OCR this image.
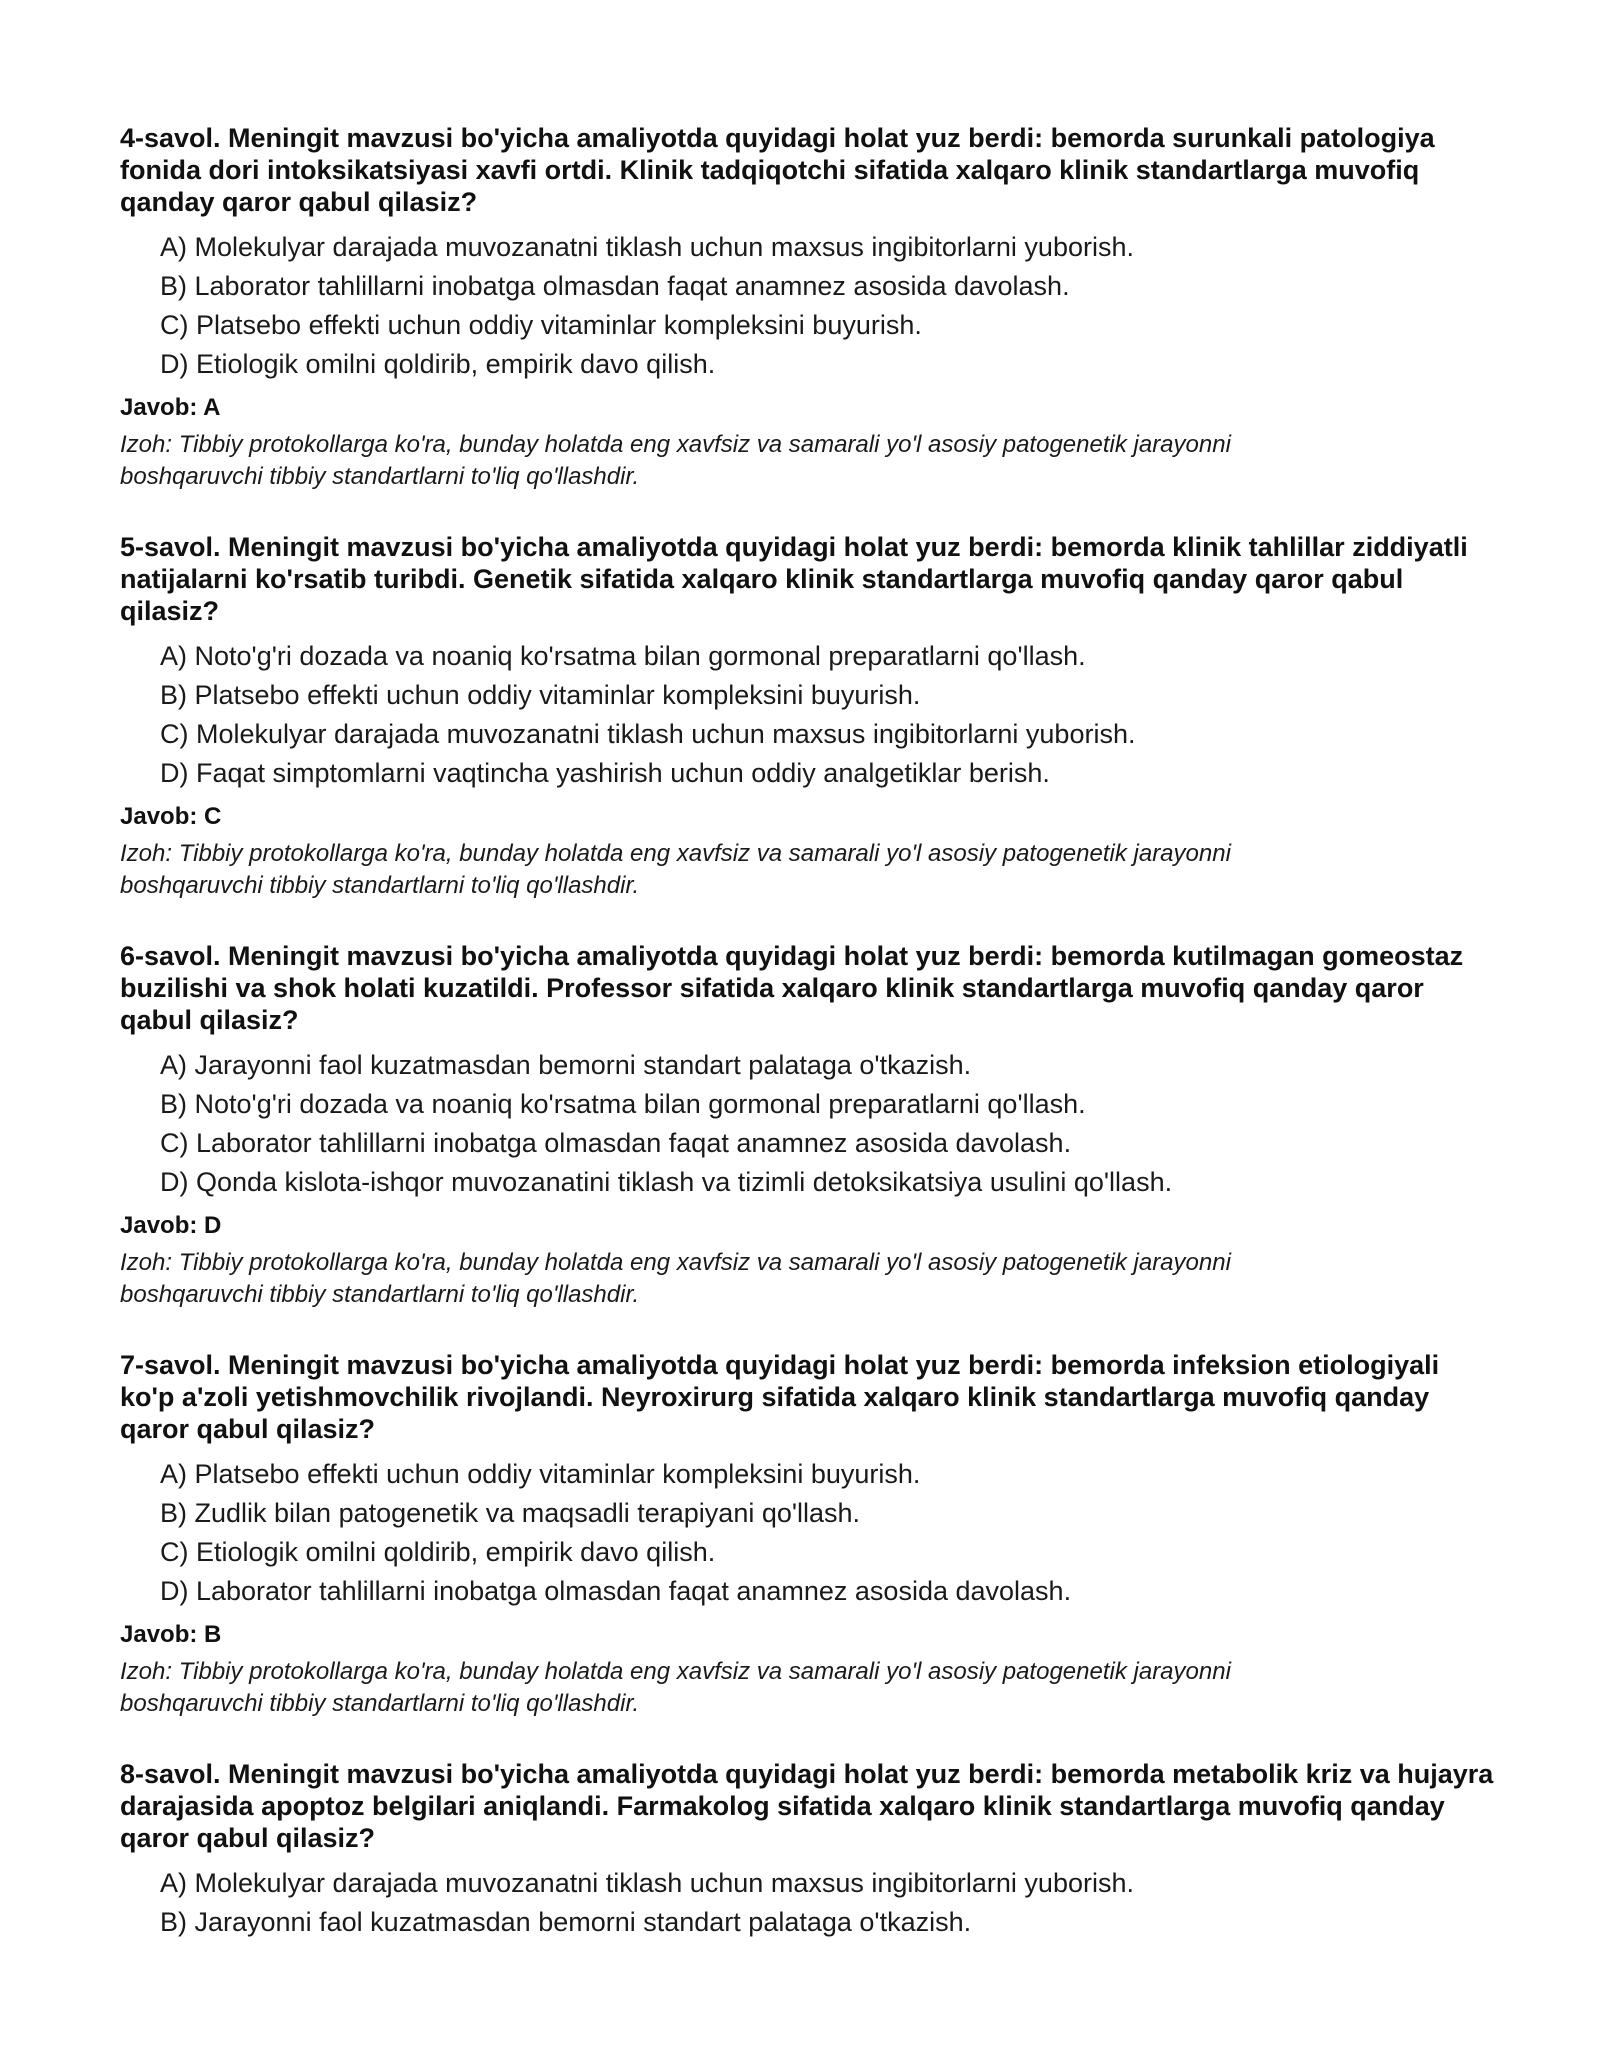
4-savol. Meningit mavzusi bo'yicha amaliyotda quyidagi holat yuz berdi: bemorda surunkali patologiya fonida dori intoksikatsiyasi xavfi ortdi. Klinik tadqiqotchi sifatida xalqaro klinik standartlarga muvofiq qanday qaror qabul qilasiz?

A) Molekulyar darajada muvozanatni tiklash uchun maxsus ingibitorlarni yuborish.
B) Laborator tahlillarni inobatga olmasdan faqat anamnez asosida davolash.
C) Platsebo effekti uchun oddiy vitaminlar kompleksini buyurish.
D) Etiologik omilni qoldirib, empirik davo qilish.
Javob: A
Izoh: Tibbiy protokollarga ko'ra, bunday holatda eng xavfsiz va samarali yo'l asosiy patogenetik jarayonni boshqaruvchi tibbiy standartlarni to'liq qo'llashdir.

5-savol. Meningit mavzusi bo'yicha amaliyotda quyidagi holat yuz berdi: bemorda klinik tahlillar ziddiyatli natijalarni ko'rsatib turibdi. Genetik sifatida xalqaro klinik standartlarga muvofiq qanday qaror qabul qilasiz?

A) Noto'g'ri dozada va noaniq ko'rsatma bilan gormonal preparatlarni qo'llash.
B) Platsebo effekti uchun oddiy vitaminlar kompleksini buyurish.
C) Molekulyar darajada muvozanatni tiklash uchun maxsus ingibitorlarni yuborish.
D) Faqat simptomlarni vaqtincha yashirish uchun oddiy analgetiklar berish.
Javob: C
Izoh: Tibbiy protokollarga ko'ra, bunday holatda eng xavfsiz va samarali yo'l asosiy patogenetik jarayonni boshqaruvchi tibbiy standartlarni to'liq qo'llashdir.

6-savol. Meningit mavzusi bo'yicha amaliyotda quyidagi holat yuz berdi: bemorda kutilmagan gomeostaz buzilishi va shok holati kuzatildi. Professor sifatida xalqaro klinik standartlarga muvofiq qanday qaror qabul qilasiz?

A) Jarayonni faol kuzatmasdan bemorni standart palataga o'tkazish.
B) Noto'g'ri dozada va noaniq ko'rsatma bilan gormonal preparatlarni qo'llash.
C) Laborator tahlillarni inobatga olmasdan faqat anamnez asosida davolash.
D) Qonda kislota-ishqor muvozanatini tiklash va tizimli detoksikatsiya usulini qo'llash.
Javob: D
Izoh: Tibbiy protokollarga ko'ra, bunday holatda eng xavfsiz va samarali yo'l asosiy patogenetik jarayonni boshqaruvchi tibbiy standartlarni to'liq qo'llashdir.

7-savol. Meningit mavzusi bo'yicha amaliyotda quyidagi holat yuz berdi: bemorda infeksion etiologiyali ko'p a'zoli yetishmovchilik rivojlandi. Neyroxirurg sifatida xalqaro klinik standartlarga muvofiq qanday qaror qabul qilasiz?

A) Platsebo effekti uchun oddiy vitaminlar kompleksini buyurish.
B) Zudlik bilan patogenetik va maqsadli terapiyani qo'llash.
C) Etiologik omilni qoldirib, empirik davo qilish.
D) Laborator tahlillarni inobatga olmasdan faqat anamnez asosida davolash.
Javob: B
Izoh: Tibbiy protokollarga ko'ra, bunday holatda eng xavfsiz va samarali yo'l asosiy patogenetik jarayonni boshqaruvchi tibbiy standartlarni to'liq qo'llashdir.

8-savol. Meningit mavzusi bo'yicha amaliyotda quyidagi holat yuz berdi: bemorda metabolik kriz va hujayra darajasida apoptoz belgilari aniqlandi. Farmakolog sifatida xalqaro klinik standartlarga muvofiq qanday qaror qabul qilasiz?

A) Molekulyar darajada muvozanatni tiklash uchun maxsus ingibitorlarni yuborish.
B) Jarayonni faol kuzatmasdan bemorni standart palataga o'tkazish.
